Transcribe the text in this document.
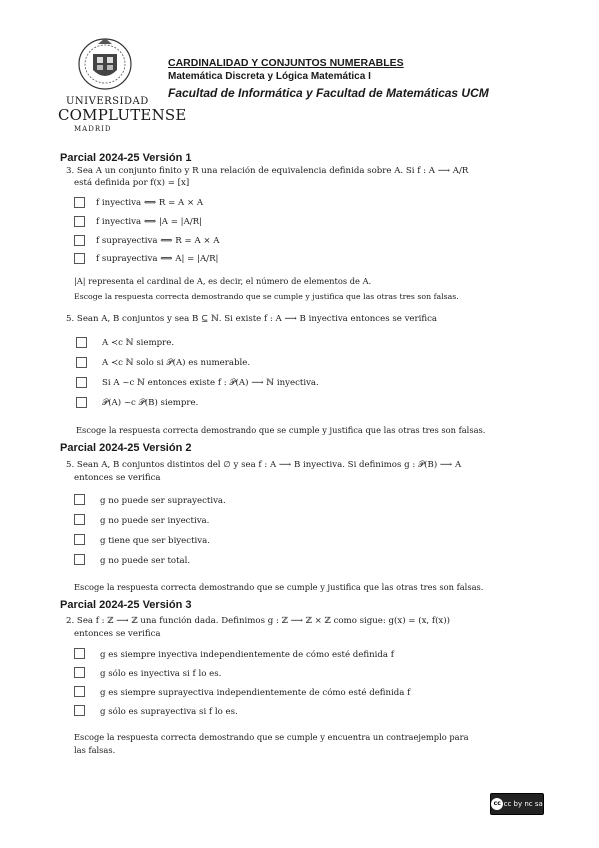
UNIVERSIDAD
COMPLUTENSE
MADRID
CARDINALIDAD Y CONJUNTOS NUMERABLES
Matemática Discreta y Lógica Matemática I
Facultad de Informática y Facultad de Matemáticas UCM
Parcial 2024-25 Versión 1
3. Sea A un conjunto finito y R una relación de equivalencia definida sobre A. Si f : A ⟶ A/R
está definida por f(x) = [x]
f inyectiva ⟺ R = A × A
f inyectiva ⟺ |A = |A/R|
f suprayectiva ⟺ R = A × A
f suprayectiva ⟺ A| = |A/R|
|A| representa el cardinal de A, es decir, el número de elementos de A.
Escoge la respuesta correcta demostrando que se cumple y justifica que las otras tres son falsas.
5. Sean A, B conjuntos y sea B ⊆ ℕ. Si existe f : A ⟶ B inyectiva entonces se verifica
A ≺c ℕ siempre.
A ≺c ℕ solo si 𝒫(A) es numerable.
Si A ~c ℕ entonces existe f : 𝒫(A) ⟶ ℕ inyectiva.
𝒫(A) ~c 𝒫(B) siempre.
Escoge la respuesta correcta demostrando que se cumple y justifica que las otras tres son falsas.
Parcial 2024-25 Versión 2
5. Sean A, B conjuntos distintos del ∅ y sea f : A ⟶ B inyectiva. Si definimos g : 𝒫(B) ⟶ A
entonces se verifica
g no puede ser suprayectiva.
g no puede ser inyectiva.
g tiene que ser biyectiva.
g no puede ser total.
Escoge la respuesta correcta demostrando que se cumple y justifica que las otras tres son falsas.
Parcial 2024-25 Versión 3
2. Sea f : ℤ ⟶ ℤ una función dada. Definimos g : ℤ ⟶ ℤ × ℤ como sigue: g(x) = (x, f(x))
entonces se verifica
g es siempre inyectiva independientemente de cómo esté definida f
g sólo es inyectiva si f lo es.
g es siempre suprayectiva independientemente de cómo esté definida f
g sólo es suprayectiva si f lo es.
Escoge la respuesta correcta demostrando que se cumple y encuentra un contraejemplo para
las falsas.
cc cc by nc sa
